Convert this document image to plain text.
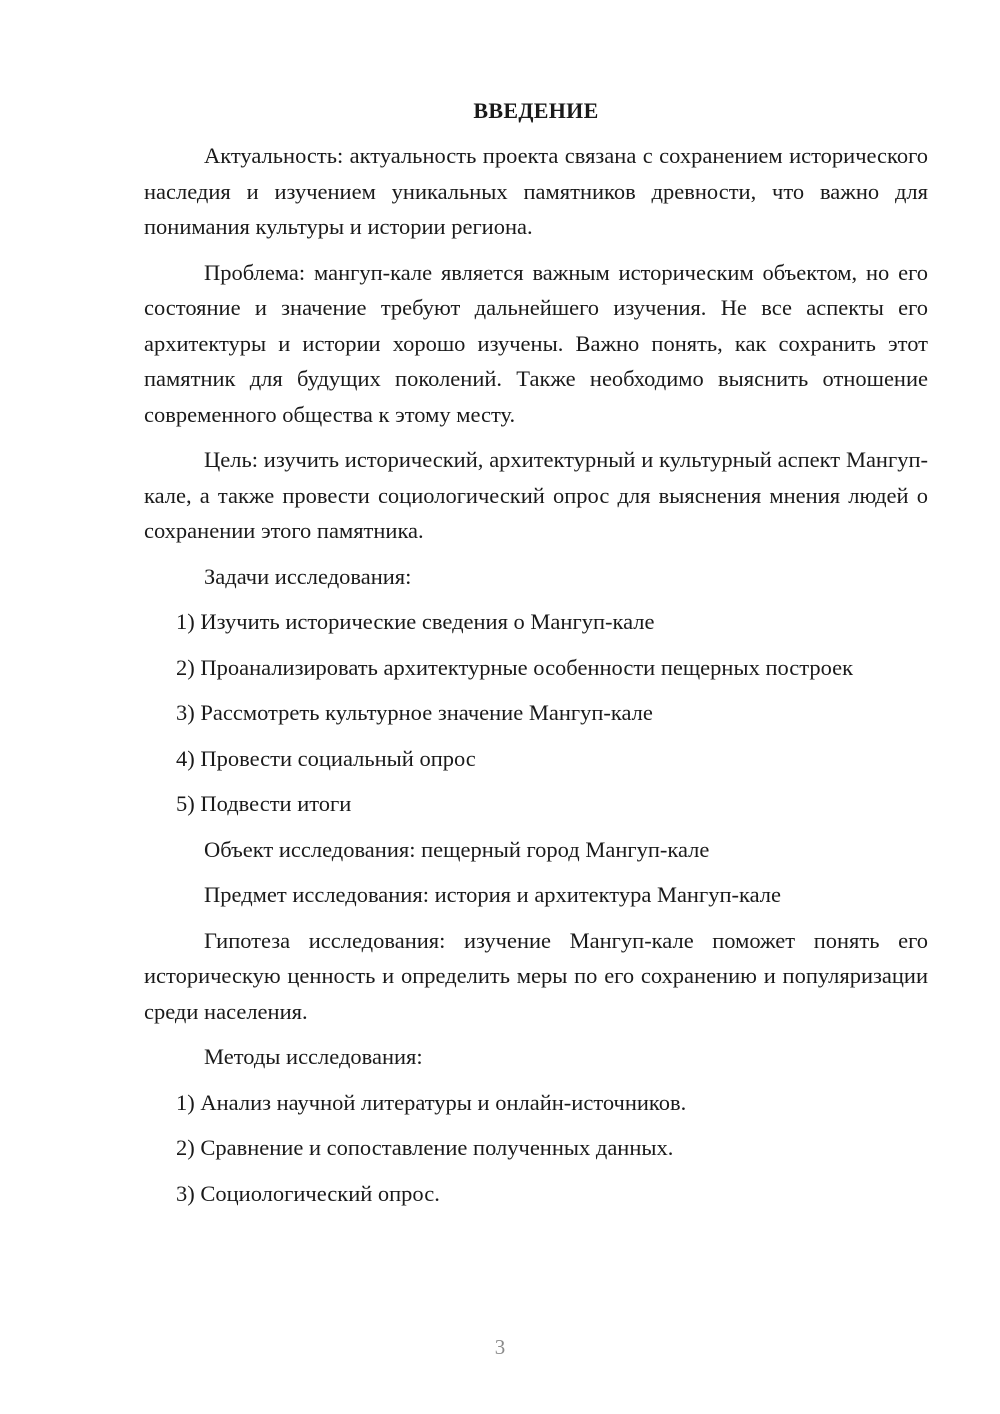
ВВЕДЕНИЕ

Актуальность: актуальность проекта связана с сохранением исторического наследия и изучением уникальных памятников древности, что важно для понимания культуры и истории региона.

Проблема: мангуп-кале является важным историческим объектом, но его состояние и значение требуют дальнейшего изучения. Не все аспекты его архитектуры и истории хорошо изучены. Важно понять, как сохранить этот памятник для будущих поколений. Также необходимо выяснить отношение современного общества к этому месту.

Цель: изучить исторический, архитектурный и культурный аспект Мангуп-кале, а также провести социологический опрос для выяснения мнения людей о сохранении этого памятника.

Задачи исследования:

1) Изучить исторические сведения о Мангуп-кале

2) Проанализировать архитектурные особенности пещерных построек

3) Рассмотреть культурное значение Мангуп-кале

4) Провести социальный опрос

5) Подвести итоги

Объект исследования: пещерный город Мангуп-кале

Предмет исследования: история и архитектура Мангуп-кале

Гипотеза исследования: изучение Мангуп-кале поможет понять его историческую ценность и определить меры по его сохранению и популяризации среди населения.

Методы исследования:

1) Анализ научной литературы и онлайн-источников.

2) Сравнение и сопоставление полученных данных.

3) Социологический опрос.

3
